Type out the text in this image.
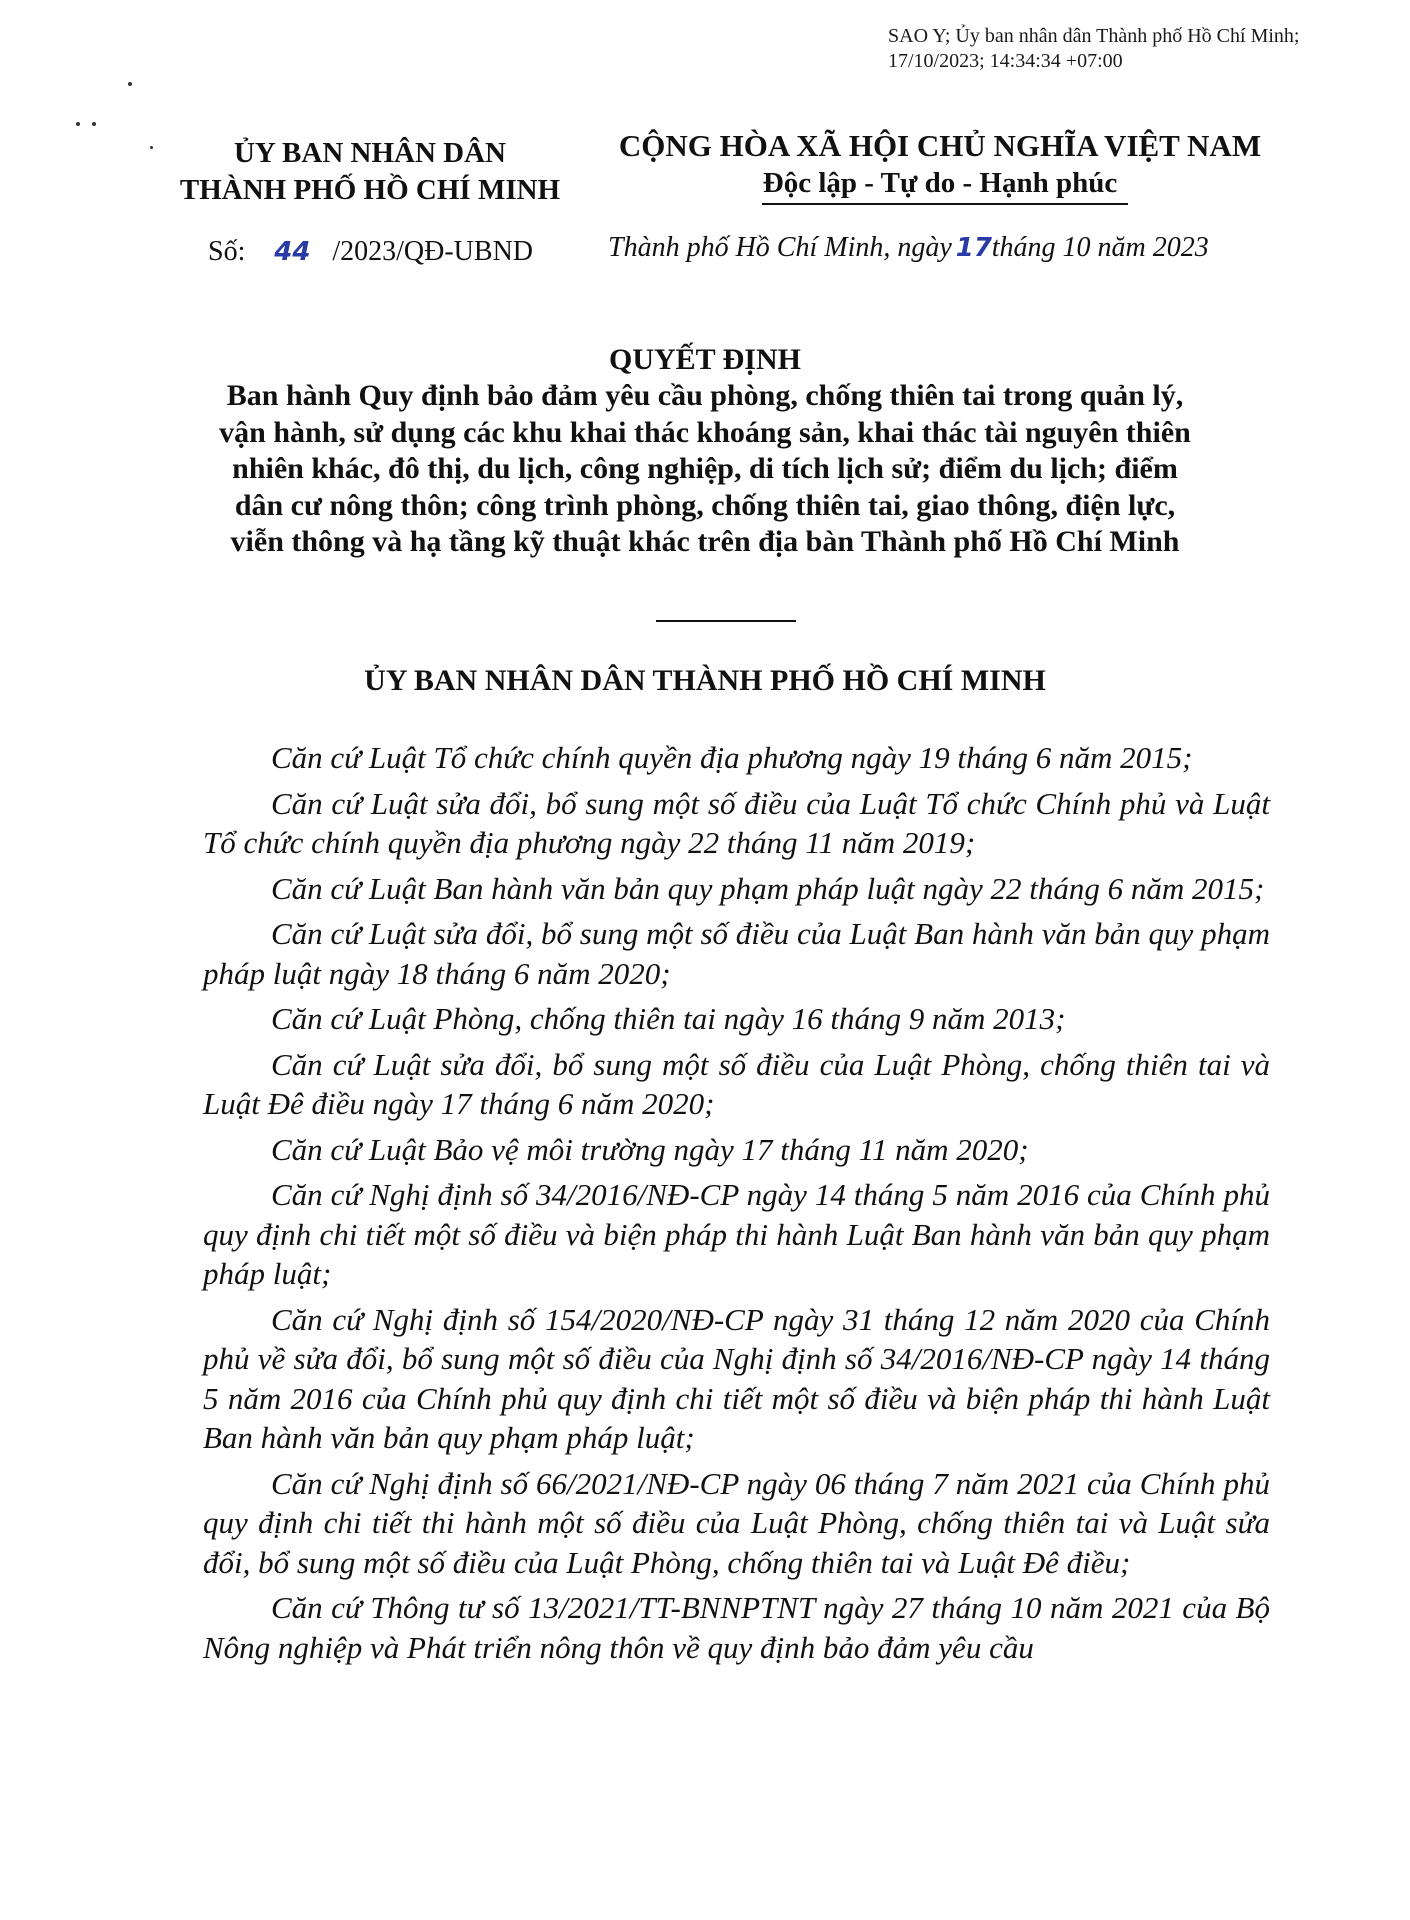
SAO Y; Ủy ban nhân dân Thành phố Hồ Chí Minh;
17/10/2023; 14:34:34 +07:00
ỦY BAN NHÂN DÂN
THÀNH PHỐ HỒ CHÍ MINH
CỘNG HÒA XÃ HỘI CHỦ NGHĨA VIỆT NAM
Độc lập - Tự do - Hạnh phúc
Số: 44 /2023/QĐ-UBND	Thành phố Hồ Chí Minh, ngày 17tháng 10 năm 2023
QUYẾT ĐỊNH
Ban hành Quy định bảo đảm yêu cầu phòng, chống thiên tai trong quản lý, vận hành, sử dụng các khu khai thác khoáng sản, khai thác tài nguyên thiên nhiên khác, đô thị, du lịch, công nghiệp, di tích lịch sử; điểm du lịch; điểm dân cư nông thôn; công trình phòng, chống thiên tai, giao thông, điện lực, viễn thông và hạ tầng kỹ thuật khác trên địa bàn Thành phố Hồ Chí Minh
ỦY BAN NHÂN DÂN THÀNH PHỐ HỒ CHÍ MINH

Căn cứ Luật Tổ chức chính quyền địa phương ngày 19 tháng 6 năm 2015;

Căn cứ Luật sửa đổi, bổ sung một số điều của Luật Tổ chức Chính phủ và Luật Tổ chức chính quyền địa phương ngày 22 tháng 11 năm 2019;

Căn cứ Luật Ban hành văn bản quy phạm pháp luật ngày 22 tháng 6 năm 2015;

Căn cứ Luật sửa đổi, bổ sung một số điều của Luật Ban hành văn bản quy phạm pháp luật ngày 18 tháng 6 năm 2020;

Căn cứ Luật Phòng, chống thiên tai ngày 16 tháng 9 năm 2013;

Căn cứ Luật sửa đổi, bổ sung một số điều của Luật Phòng, chống thiên tai và Luật Đê điều ngày 17 tháng 6 năm 2020;

Căn cứ Luật Bảo vệ môi trường ngày 17 tháng 11 năm 2020;

Căn cứ Nghị định số 34/2016/NĐ-CP ngày 14 tháng 5 năm 2016 của Chính phủ quy định chi tiết một số điều và biện pháp thi hành Luật Ban hành văn bản quy phạm pháp luật;

Căn cứ Nghị định số 154/2020/NĐ-CP ngày 31 tháng 12 năm 2020 của Chính phủ về sửa đổi, bổ sung một số điều của Nghị định số 34/2016/NĐ-CP ngày 14 tháng 5 năm 2016 của Chính phủ quy định chi tiết một số điều và biện pháp thi hành Luật Ban hành văn bản quy phạm pháp luật;

Căn cứ Nghị định số 66/2021/NĐ-CP ngày 06 tháng 7 năm 2021 của Chính phủ quy định chi tiết thi hành một số điều của Luật Phòng, chống thiên tai và Luật sửa đổi, bổ sung một số điều của Luật Phòng, chống thiên tai và Luật Đê điều;

Căn cứ Thông tư số 13/2021/TT-BNNPTNT ngày 27 tháng 10 năm 2021 của Bộ Nông nghiệp và Phát triển nông thôn về quy định bảo đảm yêu cầu
